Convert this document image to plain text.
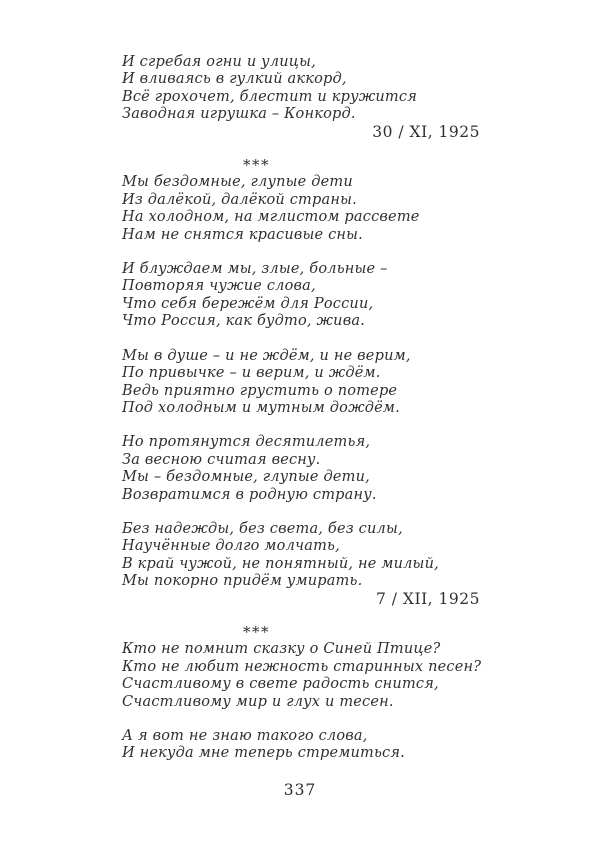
И сгребая огни и улицы,
И вливаясь в гулкий аккорд,
Всё грохочет, блестит и кружится
Заводная игрушка – Конкорд.
30 / XI, 1925
***
Мы бездомные, глупые дети
Из далёкой, далёкой страны.
На холодном, на мглистом рассвете
Нам не снятся красивые сны.
И блуждаем мы, злые, больные –
Повторяя чужие слова,
Что себя бережём для России,
Что Россия, как будто, жива.
Мы в душе – и не ждём, и не верим,
По привычке – и верим, и ждём.
Ведь приятно грустить о потере
Под холодным и мутным дождём.
Но протянутся десятилетья,
За весною считая весну.
Мы – бездомные, глупые дети,
Возвратимся в родную страну.
Без надежды, без света, без силы,
Научённые долго молчать,
В край чужой, не понятный, не милый,
Мы покорно придём умирать.
7 / XII, 1925
***
Кто не помнит сказку о Синей Птице?
Кто не любит нежность старинных песен?
Счастливому в свете радость снится,
Счастливому мир и глух и тесен.
А я вот не знаю такого слова,
И некуда мне теперь стремиться.
337
